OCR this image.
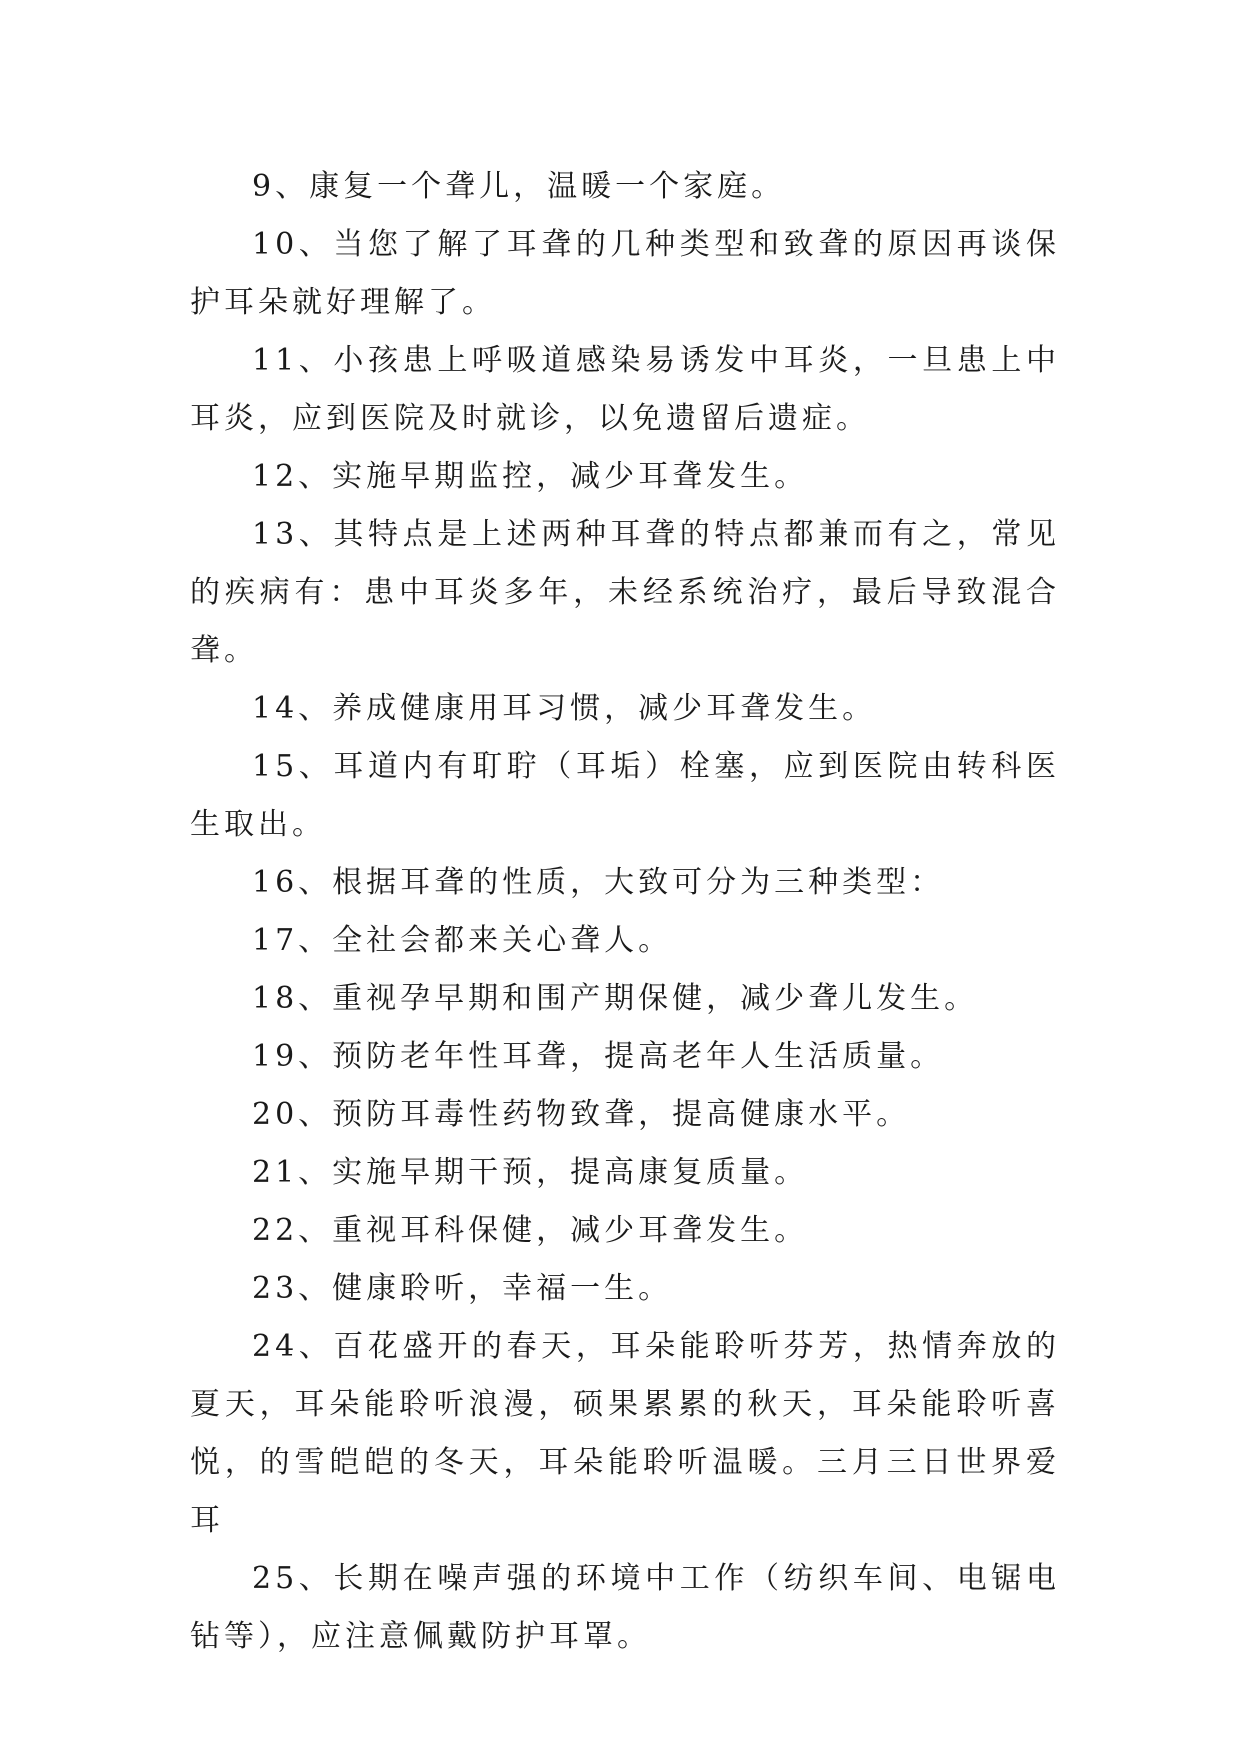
9、康复一个聋儿，温暖一个家庭。

10、当您了解了耳聋的几种类型和致聋的原因再谈保护耳朵就好理解了。

11、小孩患上呼吸道感染易诱发中耳炎，一旦患上中耳炎，应到医院及时就诊，以免遗留后遗症。

12、实施早期监控，减少耳聋发生。

13、其特点是上述两种耳聋的特点都兼而有之，常见的疾病有：患中耳炎多年，未经系统治疗，最后导致混合聋。

14、养成健康用耳习惯，减少耳聋发生。

15、耳道内有耵聍（耳垢）栓塞，应到医院由转科医生取出。

16、根据耳聋的性质，大致可分为三种类型：

17、全社会都来关心聋人。

18、重视孕早期和围产期保健，减少聋儿发生。

19、预防老年性耳聋，提高老年人生活质量。

20、预防耳毒性药物致聋，提高健康水平。

21、实施早期干预，提高康复质量。

22、重视耳科保健，减少耳聋发生。

23、健康聆听，幸福一生。

24、百花盛开的春天，耳朵能聆听芬芳，热情奔放的夏天，耳朵能聆听浪漫，硕果累累的秋天，耳朵能聆听喜悦，的雪皑皑的冬天，耳朵能聆听温暖。三月三日世界爱耳

25、长期在噪声强的环境中工作（纺织车间、电锯电钻等），应注意佩戴防护耳罩。
